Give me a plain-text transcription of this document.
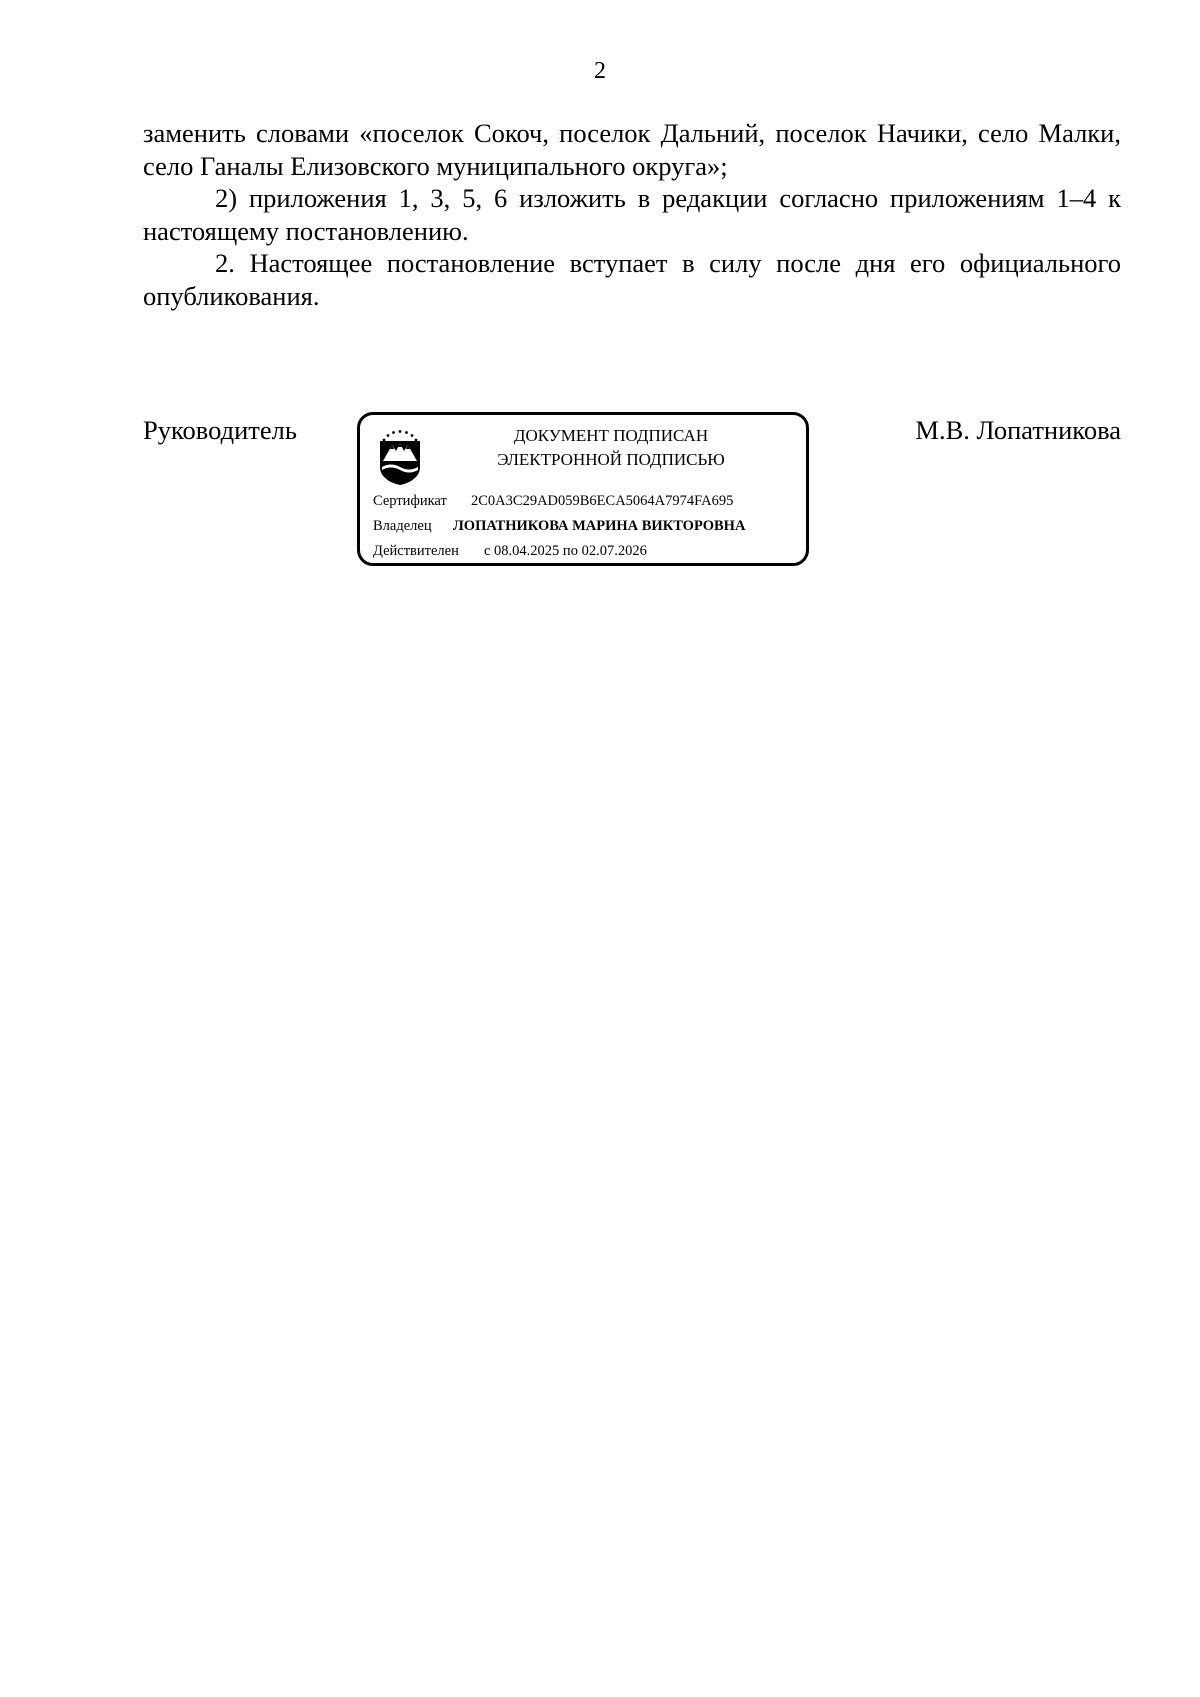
2

заменить словами «поселок Сокоч, поселок Дальний, поселок Начики, село Малки, село Ганалы Елизовского муниципального округа»;

2) приложения 1, 3, 5, 6 изложить в редакции согласно приложениям 1–4 к настоящему постановлению.

2. Настоящее постановление вступает в силу после дня его официального опубликования.

Руководитель	ДОКУМЕНТ ПОДПИСАН
ЭЛЕКТРОННОЙ ПОДПИСЬЮ
Сертификат 2C0A3C29AD059B6ECA5064A7974FA695
Владелец ЛОПАТНИКОВА МАРИНА ВИКТОРОВНА
Действителен с 08.04.2025 по 02.07.2026
М.В. Лопатникова
